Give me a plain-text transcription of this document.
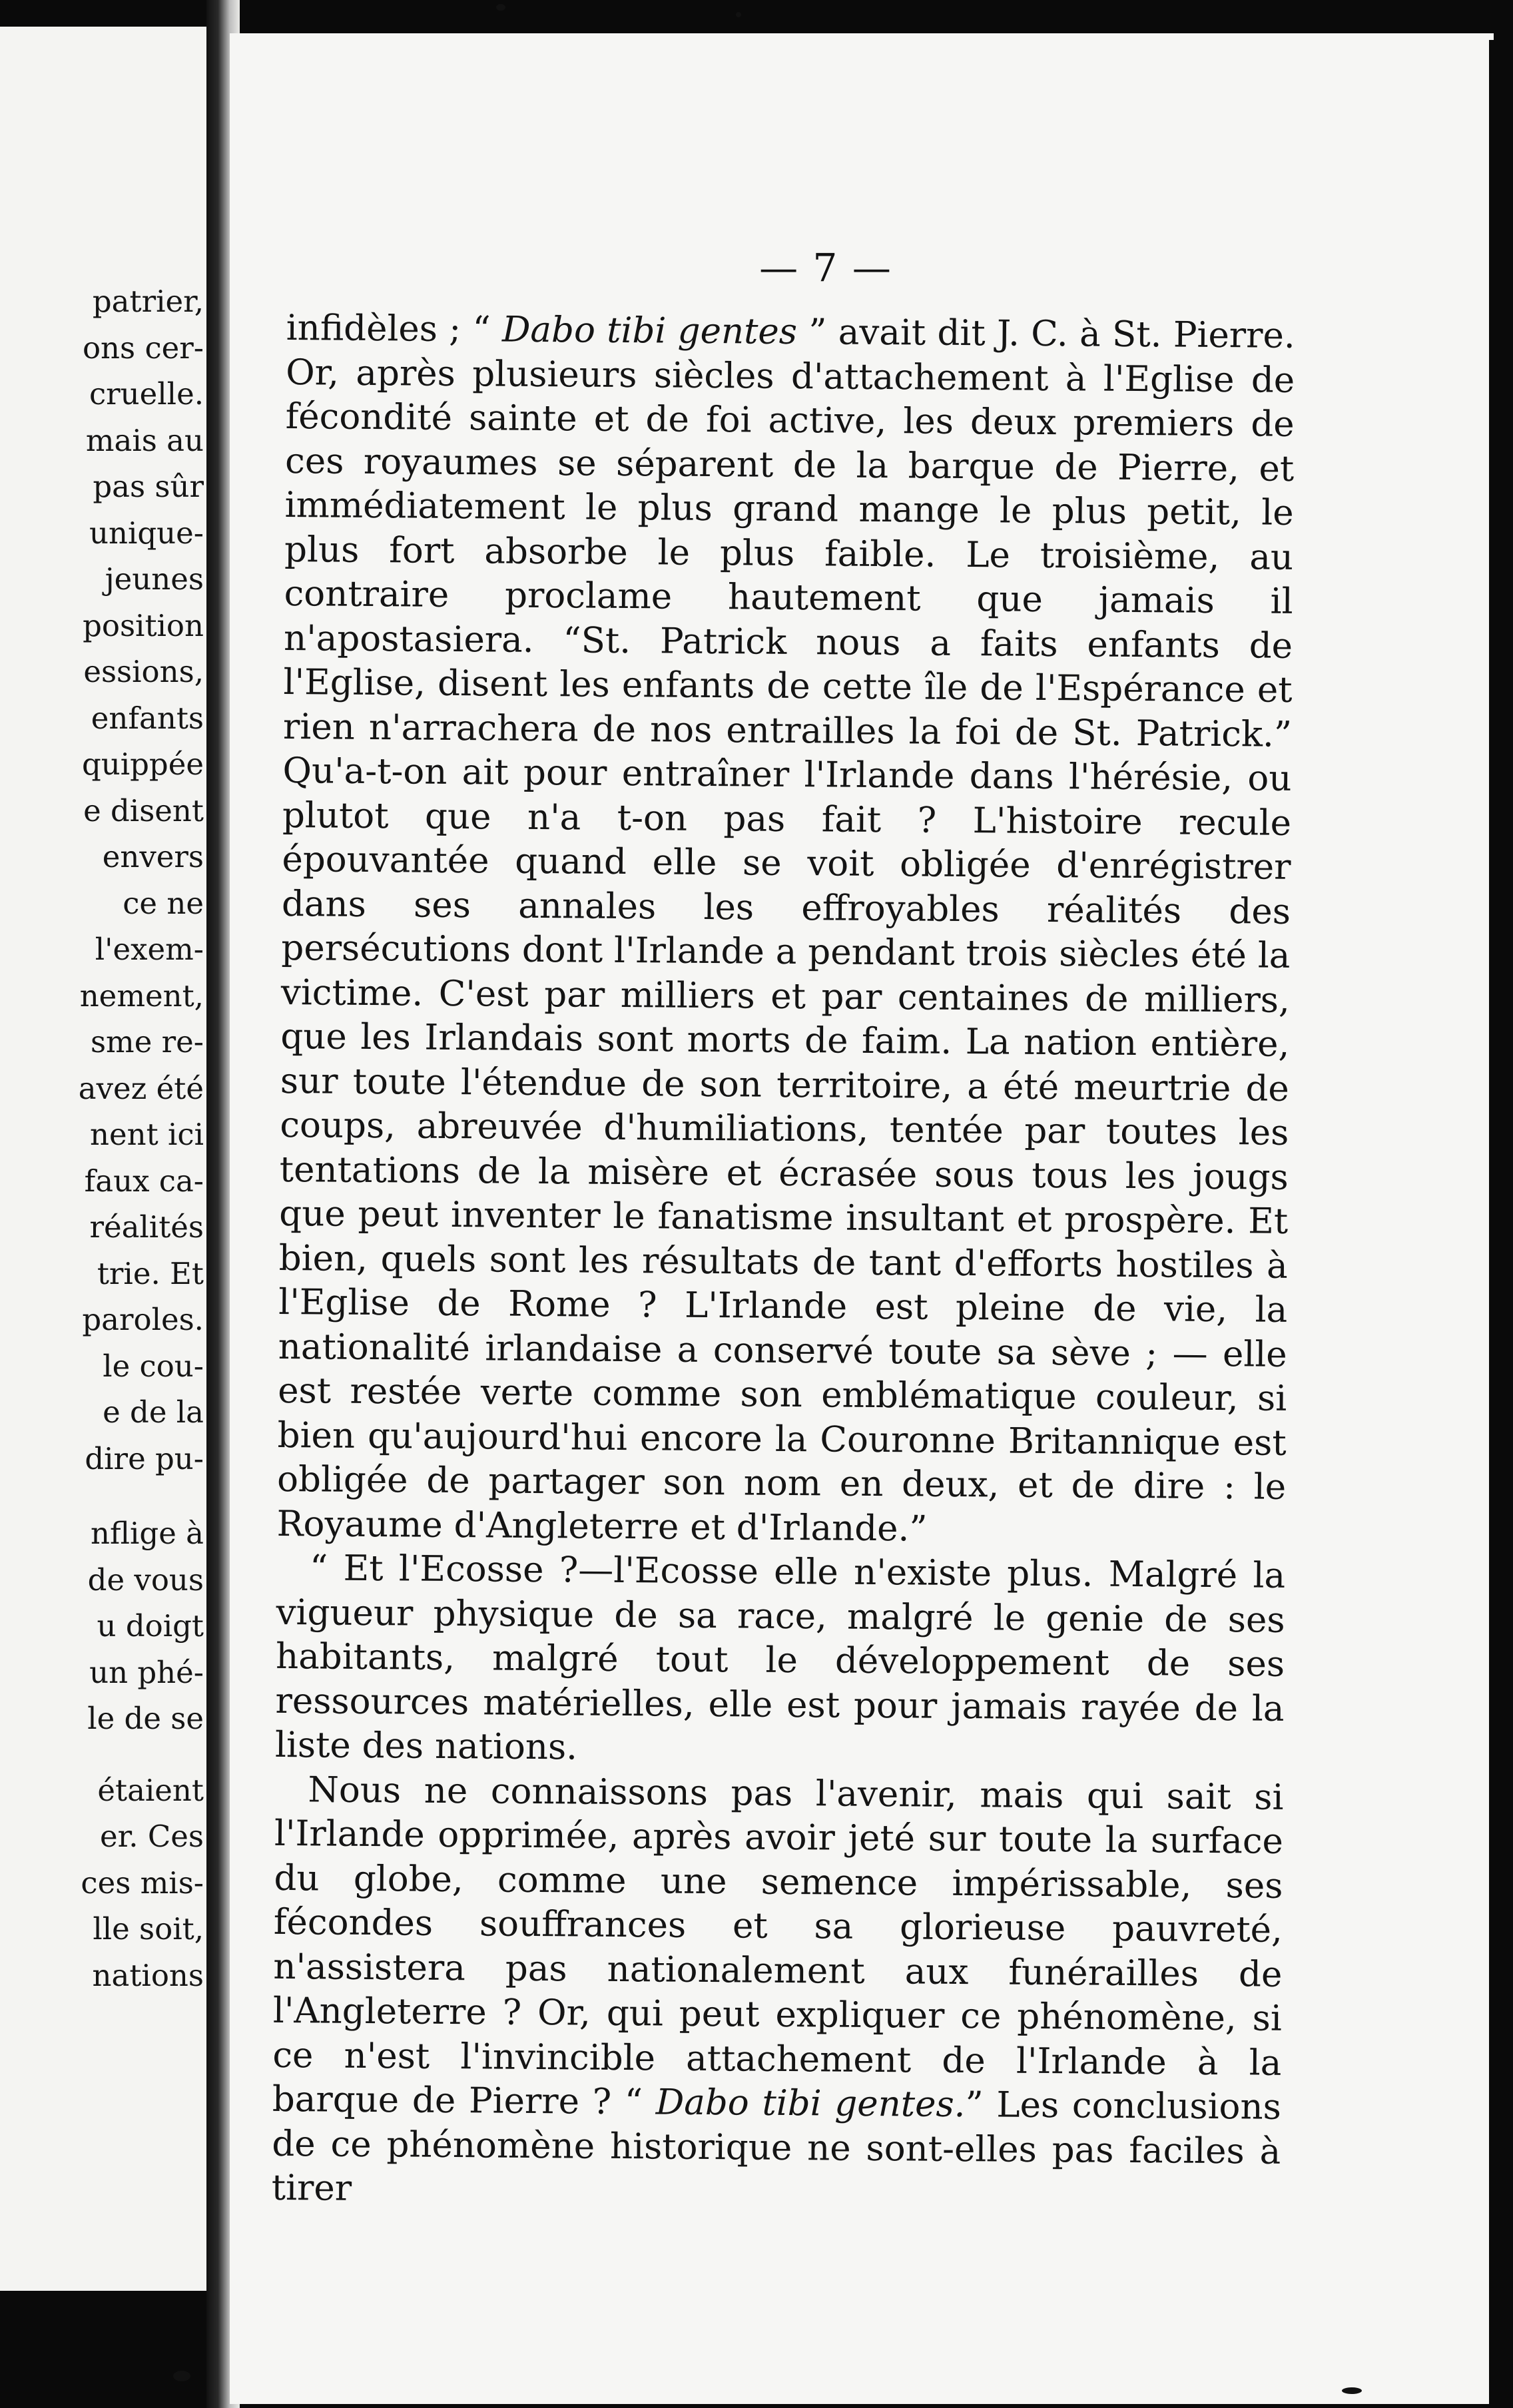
patrier,
ons cer-
cruelle.
mais au
pas sûr
unique-
jeunes
position
essions,
enfants
quippée
e disent
envers
ce ne
l'exem-
nement,
sme re-
avez été
nent ici
faux ca-
réalités
trie. Et
paroles.
le cou-
e de la
dire pu-
nflige à
de vous
u doigt
un phé-
le de se
étaient
er. Ces
ces mis-
lle soit,
nations
— 7 —

infidèles ; “ Dabo tibi gentes ” avait dit J. C. à St. Pierre. Or, après plusieurs siècles d'attachement à l'Eglise de fécondité sainte et de foi active, les deux premiers de ces royaumes se séparent de la barque de Pierre, et immédiatement le plus grand mange le plus petit, le plus fort absorbe le plus faible. Le troisième, au contraire proclame hautement que jamais il n'apostasiera. “St. Patrick nous a faits enfants de l'Eglise, disent les enfants de cette île de l'Espérance et rien n'arrachera de nos entrailles la foi de St. Patrick.” Qu'a-t-on ait pour entraîner l'Irlande dans l'hérésie, ou plutot que n'a t-on pas fait ? L'histoire recule épouvantée quand elle se voit obligée d'enrégistrer dans ses annales les effroyables réalités des persécutions dont l'Irlande a pendant trois siècles été la victime. C'est par milliers et par centaines de milliers, que les Irlandais sont morts de faim. La nation entière, sur toute l'étendue de son territoire, a été meurtrie de coups, abreuvée d'humiliations, tentée par toutes les tentations de la misère et écrasée sous tous les jougs que peut inventer le fanatisme insultant et prospère. Et bien, quels sont les résultats de tant d'efforts hostiles à l'Eglise de Rome ? L'Irlande est pleine de vie, la nationalité irlandaise a conservé toute sa sève ; — elle est restée verte comme son emblématique couleur, si bien qu'aujourd'hui encore la Couronne Britannique est obligée de partager son nom en deux, et de dire : le Royaume d'Angleterre et d'Irlande.”

“ Et l'Ecosse ?—l'Ecosse elle n'existe plus. Malgré la vigueur physique de sa race, malgré le genie de ses habitants, malgré tout le développement de ses ressources matérielles, elle est pour jamais rayée de la liste des nations.

Nous ne connaissons pas l'avenir, mais qui sait si l'Irlande opprimée, après avoir jeté sur toute la surface du globe, comme une semence impérissable, ses fécondes souffrances et sa glorieuse pauvreté, n'assistera pas nationalement aux funérailles de l'Angleterre ? Or, qui peut expliquer ce phénomène, si ce n'est l'invincible attachement de l'Irlande à la barque de Pierre ? “ Dabo tibi gentes.” Les conclusions de ce phénomène historique ne sont-elles pas faciles à tirer
